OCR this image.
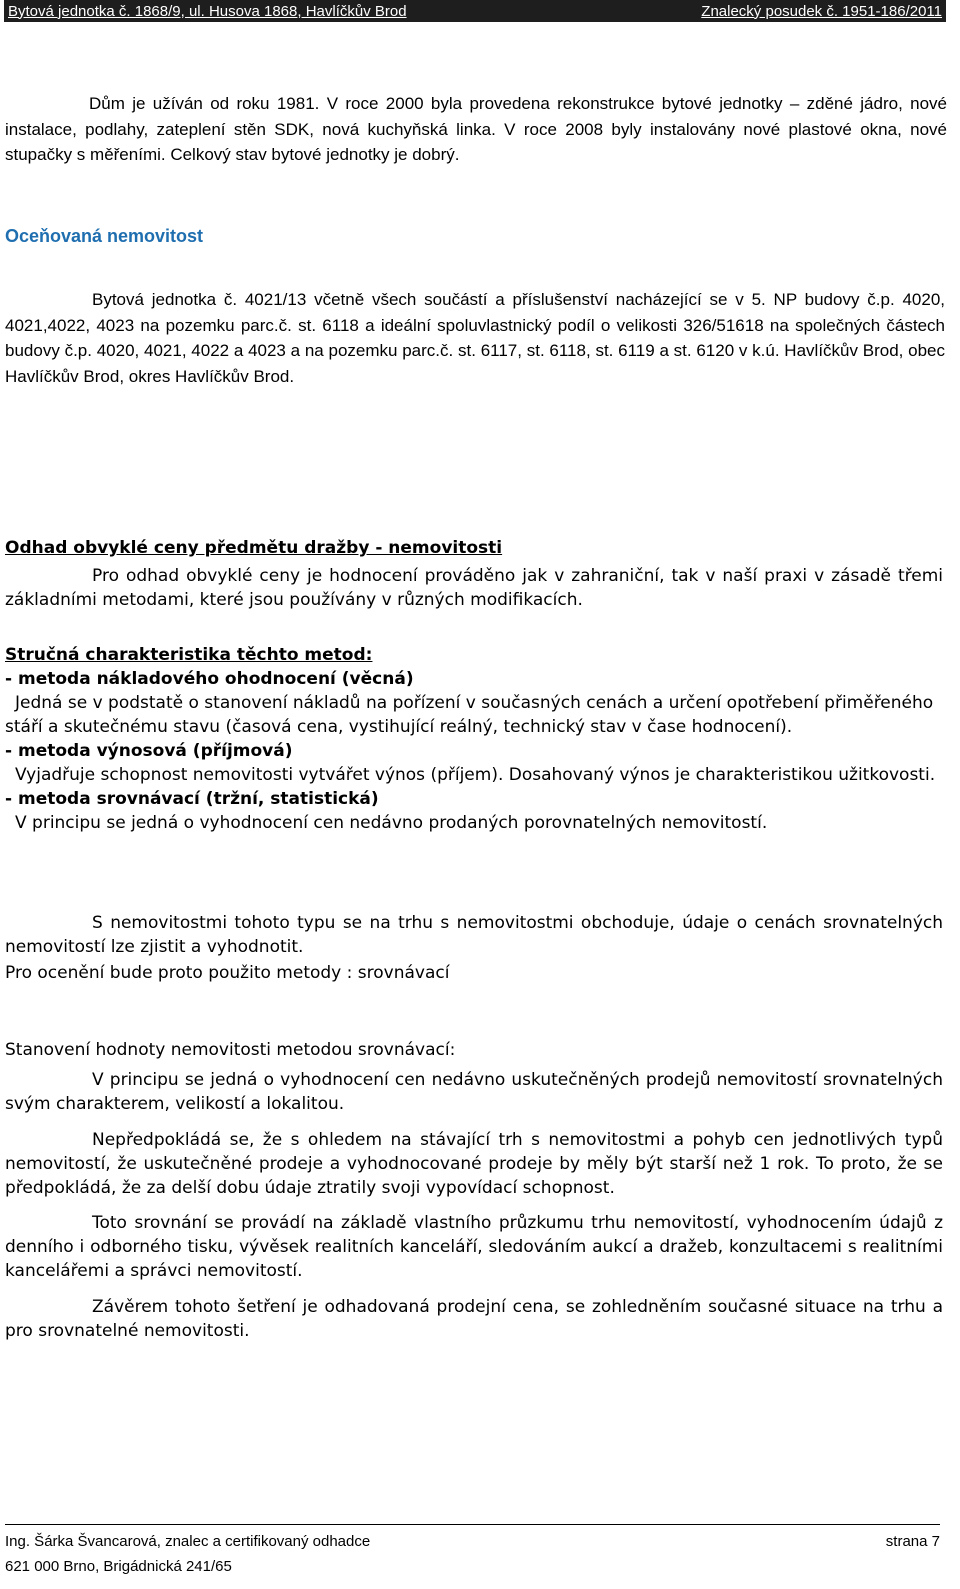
Bytová jednotka č. 1868/9, ul. Husova 1868, Havlíčkův Brod	Znalecký posudek č. 1951-186/2011

Dům je užíván od roku 1981. V roce 2000 byla provedena rekonstrukce bytové jednotky – zděné jádro, nové instalace, podlahy, zateplení stěn SDK, nová kuchyňská linka. V roce 2008 byly instalovány nové plastové okna, nové stupačky s měřeními. Celkový stav bytové jednotky je dobrý.

Oceňovaná nemovitost

Bytová jednotka č. 4021/13 včetně všech součástí a příslušenství nacházející se v 5. NP budovy č.p. 4020, 4021,4022, 4023 na pozemku parc.č. st. 6118 a ideální spoluvlastnický podíl o velikosti 326/51618 na společných částech budovy č.p. 4020, 4021, 4022 a 4023 a na pozemku parc.č. st. 6117, st. 6118, st. 6119 a st. 6120 v k.ú. Havlíčkův Brod, obec Havlíčkův Brod, okres Havlíčkův Brod.

Odhad obvyklé ceny předmětu dražby - nemovitosti

Pro odhad obvyklé ceny je hodnocení prováděno jak v zahraniční, tak v naší praxi v zásadě třemi základními metodami, které jsou používány v různých modifikacích.

Stručná charakteristika těchto metod:
- metoda nákladového ohodnocení (věcná)

Jedná se v podstatě o stanovení nákladů na pořízení v současných cenách a určení opotřebení přiměřeného stáří a skutečnému stavu (časová cena, vystihující reálný, technický stav v čase hodnocení).

- metoda výnosová (příjmová)

Vyjadřuje schopnost nemovitosti vytvářet výnos (příjem). Dosahovaný výnos je charakteristikou užitkovosti.

- metoda srovnávací (tržní, statistická)

V principu se jedná o vyhodnocení cen nedávno prodaných porovnatelných nemovitostí.

S nemovitostmi tohoto typu se na trhu s nemovitostmi obchoduje, údaje o cenách srovnatelných nemovitostí lze zjistit a vyhodnotit.

Pro ocenění bude proto použito metody : srovnávací

Stanovení hodnoty nemovitosti metodou srovnávací:

V principu se jedná o vyhodnocení cen nedávno uskutečněných prodejů nemovitostí srovnatelných svým charakterem, velikostí a lokalitou.

Nepředpokládá se, že s ohledem na stávající trh s nemovitostmi a pohyb cen jednotlivých typů nemovitostí, že uskutečněné prodeje a vyhodnocované prodeje by měly být starší než 1 rok. To proto, že se předpokládá, že za delší dobu údaje ztratily svoji vypovídací schopnost.

Toto srovnání se provádí na základě vlastního průzkumu trhu nemovitostí, vyhodnocením údajů z denního i odborného tisku, vývěsek realitních kanceláří, sledováním aukcí a dražeb, konzultacemi s realitními kancelářemi a správci nemovitostí.

Závěrem tohoto šetření je odhadovaná prodejní cena, se zohledněním současné situace na trhu a pro srovnatelné nemovitosti.

Ing. Šárka Švancarová, znalec a certifikovaný odhadce	strana 7
621 000 Brno, Brigádnická 241/65
